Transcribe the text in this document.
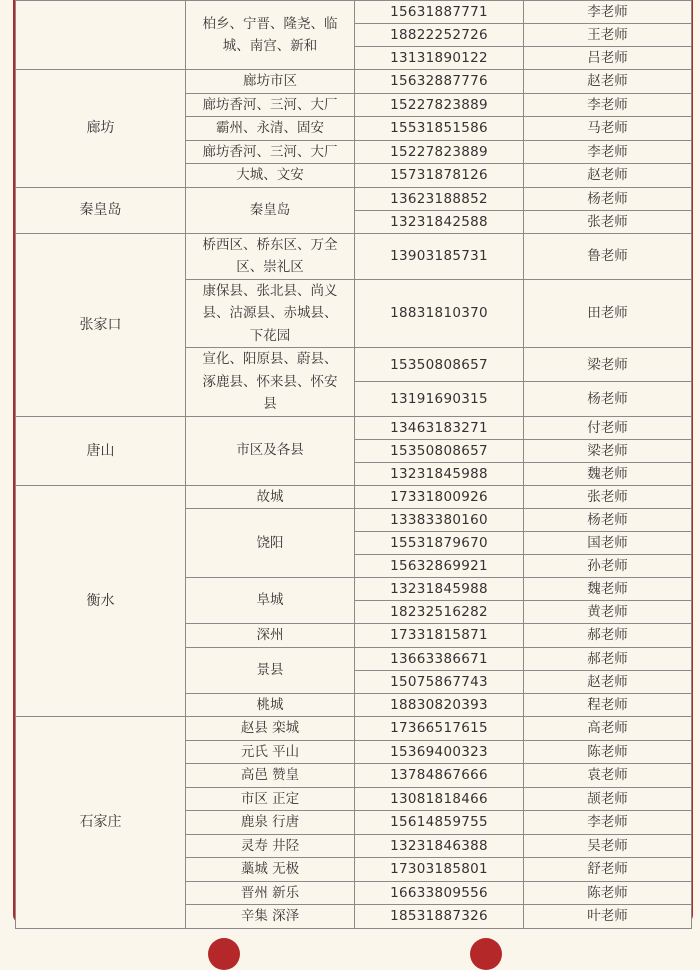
	柏乡、宁晋、隆尧、临城、南宫、新和	15631887771	李老师
		18822252726	王老师
		13131890122	吕老师
廊坊	廊坊市区	15632887776	赵老师
	廊坊香河、三河、大厂	15227823889	李老师
	霸州、永清、固安	15531851586	马老师
	廊坊香河、三河、大厂	15227823889	李老师
	大城、文安	15731878126	赵老师
秦皇岛	秦皇岛	13623188852	杨老师
		13231842588	张老师
张家口	桥西区、桥东区、万全区、崇礼区	13903185731	鲁老师
	康保县、张北县、尚义县、沽源县、赤城县、下花园	18831810370	田老师
	宣化、阳原县、蔚县、涿鹿县、怀来县、怀安县	15350808657	梁老师
		13191690315	杨老师
唐山	市区及各县	13463183271	付老师
		15350808657	梁老师
		13231845988	魏老师
衡水	故城	17331800926	张老师
	饶阳	13383380160	杨老师
		15531879670	国老师
		15632869921	孙老师
	阜城	13231845988	魏老师
		18232516282	黄老师
	深州	17331815871	郝老师
	景县	13663386671	郝老师
		15075867743	赵老师
	桃城	18830820393	程老师
石家庄	赵县 栾城	17366517615	高老师
	元氏 平山	15369400323	陈老师
	高邑 赞皇	13784867666	袁老师
	市区 正定	13081818466	颉老师
	鹿泉 行唐	15614859755	李老师
	灵寿 井陉	13231846388	吴老师
	藁城 无极	17303185801	舒老师
	晋州 新乐	16633809556	陈老师
	辛集 深泽	18531887326	叶老师
